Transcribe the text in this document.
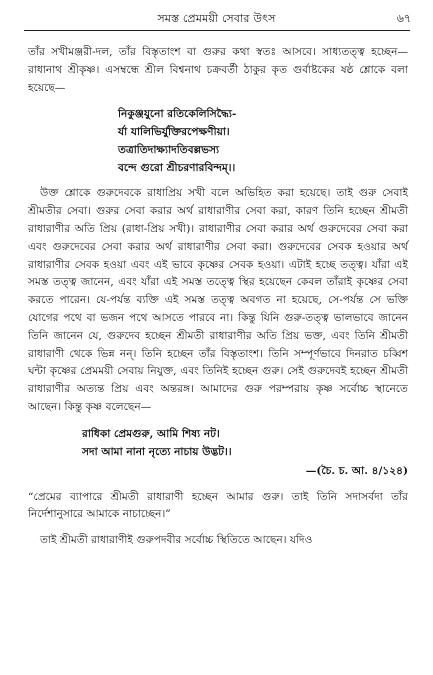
সমস্ত প্রেমময়ী সেবার উৎস	৬৭

তাঁর সখীমঞ্জরী-দল, তাঁর বিস্তৃতাংশ বা গুরুর কথা স্বতঃ আসবে। সাধ্যতত্ত্ব হচ্ছেন—রাধানাথ শ্রীকৃষ্ণ। এসম্বন্ধে শ্রীল বিশ্বনাথ চক্রবর্তী ঠাকুর কৃত গুর্বাষ্টকের ষষ্ঠ শ্লোকে বলা হয়েছে—

নিকুঞ্জযুনো রতিকেলিসিদ্ধ্যৈ-
র্যা যালিভির্যুক্তিরপেক্ষণীয়া।
তত্রাতিদাক্ষ্যাদতিবল্লভস্য
বন্দে গুরো শ্রীচরণারবিন্দম্।।

উক্ত শ্লোকে গুরুদেবকে রাধাপ্রিয় সখী বলে অভিহিত করা হয়েছে। তাই গুরু সেবাই শ্রীমতীর সেবা। গুরুর সেবা করার অর্থ রাধারাণীর সেবা করা, কারণ তিনি হচ্ছেন শ্রীমতী রাধারাণীর অতি প্রিয় (রাধা-প্রিয় সখী)। রাধারাণীর সেবা করার অর্থ গুরুদেবের সেবা করা এবং গুরুদেবের সেবা করার অর্থ রাধারাণীর সেবা করা। গুরুদেবের সেবক হওয়ার অর্থ রাধারাণীর সেবক হওয়া এবং এই ভাবে কৃষ্ণের সেবক হওয়া। এটাই হচ্ছে তত্ত্ব। যাঁরা এই সমস্ত তত্ত্ব জানেন, এবং যাঁরা এই সমস্ত তত্ত্বে স্থির হয়েছেন কেবল তাঁরাই কৃষ্ণের সেবা করতে পারেন। যে-পর্যন্ত ব্যক্তি এই সমস্ত তত্ত্ব অবগত না হয়েছে, সে-পর্যন্ত সে ভক্তি যোগের পথে বা ভজন পথে আসতে পারবে না। কিন্তু যিনি গুরু-তত্ত্ব ভালভাবে জানেন তিনি জানেন যে, গুরুদেব হচ্ছেন শ্রীমতী রাধারাণীর অতি প্রিয় ভক্ত, এবং তিনি শ্রীমতী রাধারাণী থেকে ভিন্ন নন্। তিনি হচ্ছেন তাঁর বিস্তৃতাংশ। তিনি সম্পূর্ণভাবে দিনরাত চব্বিশ ঘন্টা কৃষ্ণের প্রেমময়ী সেবায় নিযুক্ত, এবং তিনিই হচ্ছেন গুরু। সেই গুরুদেবই হচ্ছেন শ্রীমতী রাধারাণীর অত্যন্ত প্রিয় এবং অন্তরঙ্গ। আমাদের গুরু পরম্পরায় কৃষ্ণ সর্বোচ্চ স্থানেতে আছেন। কিন্তু কৃষ্ণ বলেছেন—

রাধিকা প্রেমগুরু, আমি শিষ্য নট।
সদা আমা নানা নৃত্যে নাচায় উদ্ভট।।
—(চৈ. চ. আ. ৪/১২৪)

“প্রেমের ব্যাপারে শ্রীমতী রাধারাণী হচ্ছেন আমার গুরু। তাই তিনি সদাসর্বদা তাঁর নির্দেশানুসারে আমাকে নাচাচ্ছেন।”

তাই শ্রীমতী রাধারাণীই গুরুপদবীর সর্বোচ্চ স্থিতিতে আছেন। যদিও
